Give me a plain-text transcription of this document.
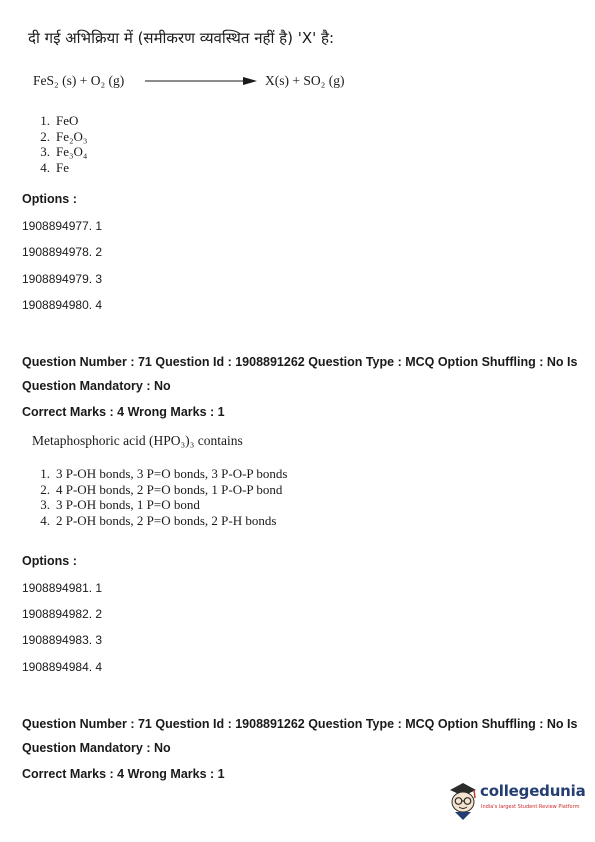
दी गई अभिक्रिया में (समीकरण व्यवस्थित नहीं है) 'X' है:
FeS₂ (s) + O₂ (g)	X(s) + SO₂ (g)
1. FeO
2. Fe₂O₃
3. Fe₃O₄
4. Fe
Options :
1908894977. 1
1908894978. 2
1908894979. 3
1908894980. 4
Question Number : 71 Question Id : 1908891262 Question Type : MCQ Option Shuffling : No Is
Question Mandatory : No
Correct Marks : 4 Wrong Marks : 1
Metaphosphoric acid (HPO₃)₃ contains
1. 3 P-OH bonds, 3 P=O bonds, 3 P-O-P bonds
2. 4 P-OH bonds, 2 P=O bonds, 1 P-O-P bond
3. 3 P-OH bonds, 1 P=O bond
4. 2 P-OH bonds, 2 P=O bonds, 2 P-H bonds
Options :
1908894981. 1
1908894982. 2
1908894983. 3
1908894984. 4
Question Number : 71 Question Id : 1908891262 Question Type : MCQ Option Shuffling : No Is
Question Mandatory : No
Correct Marks : 4 Wrong Marks : 1
collegedunia
India's largest Student Review Platform
